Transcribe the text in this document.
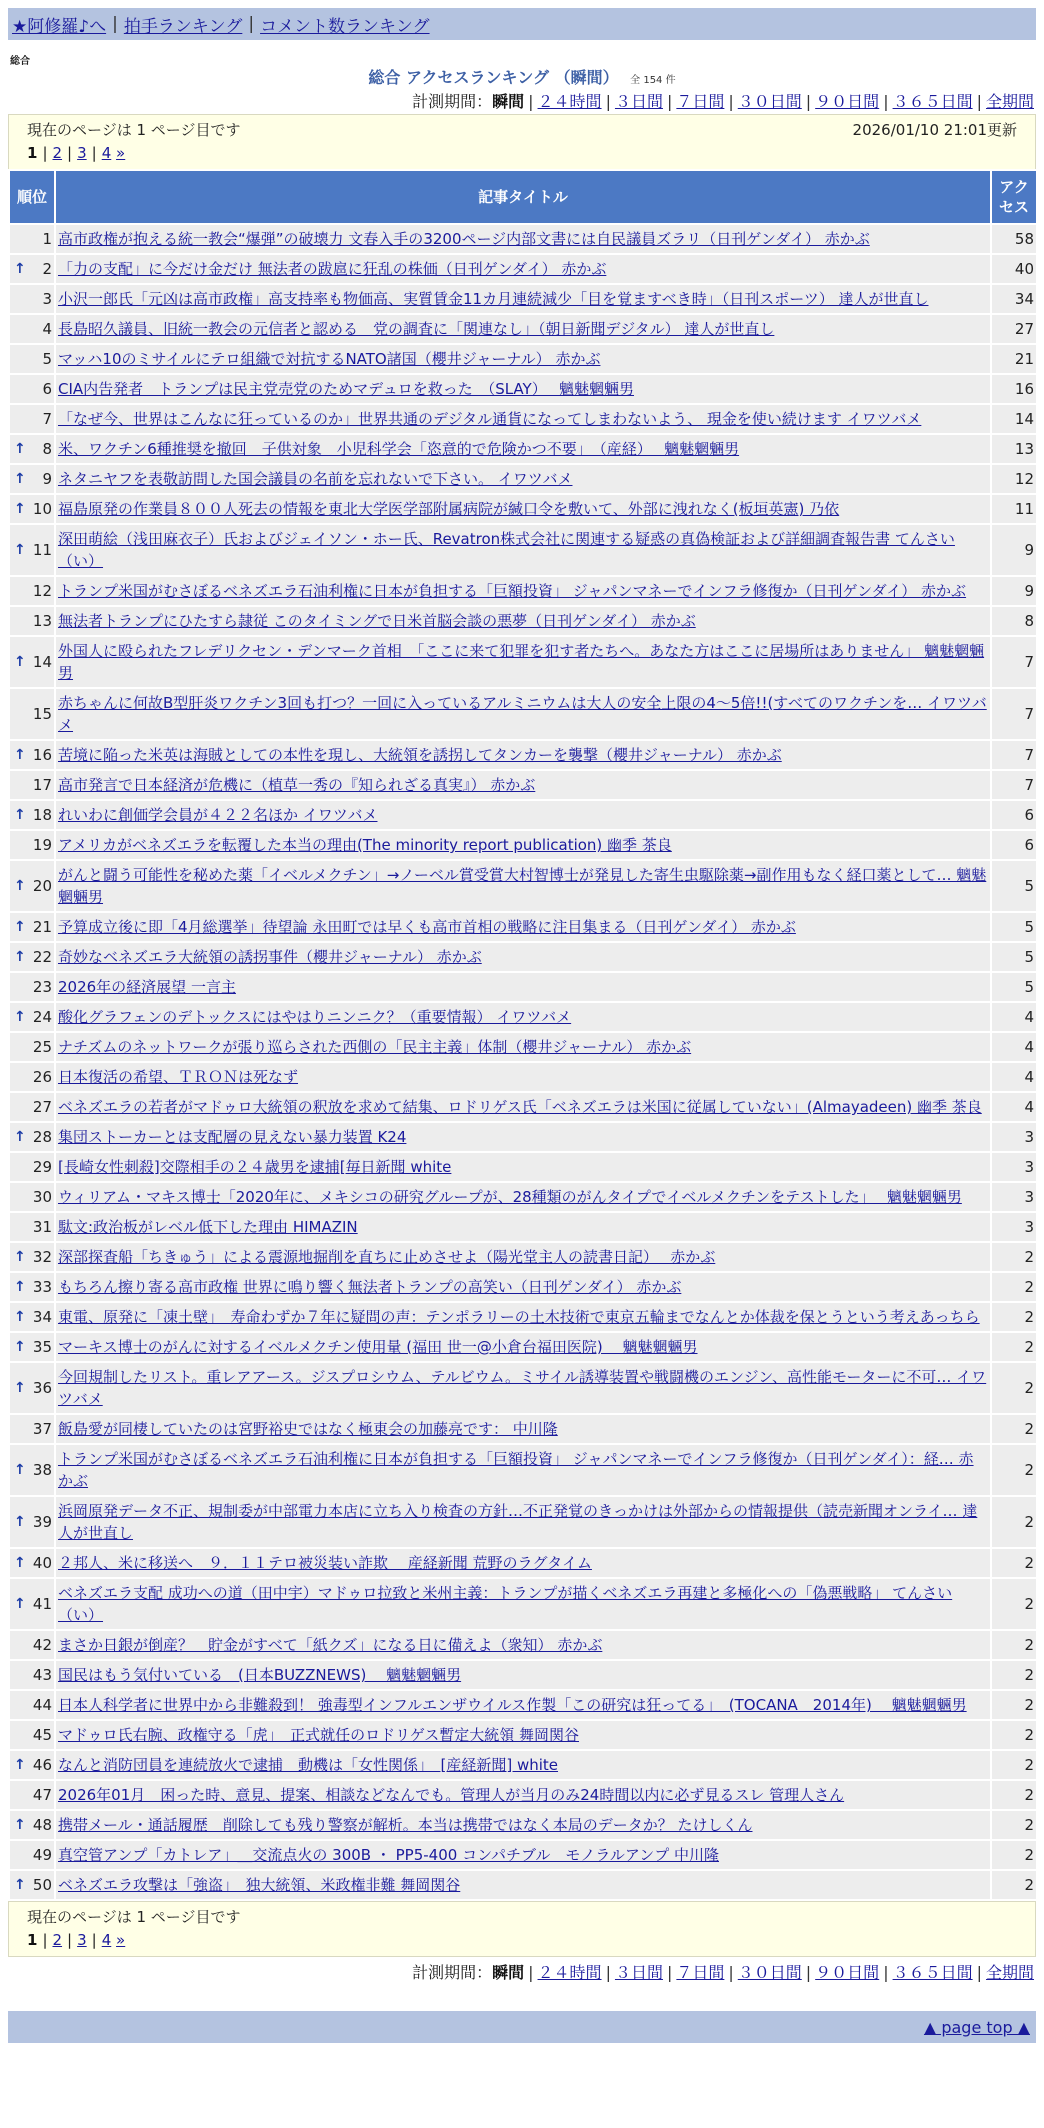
★阿修羅♪へ | 拍手ランキング | コメント数ランキング
総合
総合 アクセスランキング （瞬間） 全 154 件
計測期間：瞬間 | ２４時間 | ３日間 | ７日間 | ３０日間 | ９０日間 | ３６５日間 | 全期間
現在のページは 1 ページ目です	2026/01/10 21:01更新
1 | 2 | 3 | 4 »
順位	記事タイトル	アクセス
1	高市政権が抱える統一教会“爆弾”の破壊力 文春入手の3200ページ内部文書には自民議員ズラリ（日刊ゲンダイ） 赤かぶ	58

↑ 2	「力の支配」に今だけ金だけ 無法者の跋扈に狂乱の株価（日刊ゲンダイ） 赤かぶ	40
3	小沢一郎氏「元凶は高市政権」高支持率も物価高、実質賃金11カ月連続減少「目を覚ますべき時」（日刊スポーツ） 達人が世直し	34
4	長島昭久議員、旧統一教会の元信者と認める　党の調査に「関連なし」（朝日新聞デジタル） 達人が世直し	27
5	マッハ10のミサイルにテロ組織で対抗するNATO諸国（櫻井ジャーナル） 赤かぶ	21
6	CIA内告発者　トランプは民主党売党のためマデュロを救った　（SLAY）　 魑魅魍魎男	16
7	「なぜ今、世界はこんなに狂っているのか」世界共通のデジタル通貨になってしまわないよう、 現金を使い続けます イワツバメ	14

↑ 8	米、ワクチン6種推奨を撤回　子供対象　小児科学会「恣意的で危険かつ不要」　（産経）　 魑魅魍魎男	13

↑ 9	ネタニヤフを表敬訪問した国会議員の名前を忘れないで下さい。 イワツバメ	12

↑ 10	福島原発の作業員８００人死去の情報を東北大学医学部附属病院が緘口令を敷いて、外部に洩れなく(板垣英憲) 乃依	11

↑ 11	深田萌絵（浅田麻衣子）氏およびジェイソン・ホー氏、Revatron株式会社に関連する疑惑の真偽検証および詳細調査報告書 てんさい（い）	9
12	トランプ米国がむさぼるベネズエラ石油利権に日本が負担する「巨額投資」 ジャパンマネーでインフラ修復か（日刊ゲンダイ） 赤かぶ	9
13	無法者トランプにひたすら隷従 このタイミングで日米首脳会談の悪夢（日刊ゲンダイ） 赤かぶ	8

↑ 14	外国人に殴られたフレデリクセン・デンマーク首相　「ここに来て犯罪を犯す者たちへ。あなた方はここに居場所はありません」 魑魅魍魎男	7
15	赤ちゃんに何故B型肝炎ワクチン3回も打つ？一回に入っているアルミニウムは大人の安全上限の4～5倍!!(すべてのワクチンを… イワツバメ	7

↑ 16	苦境に陥った米英は海賊としての本性を現し、大統領を誘拐してタンカーを襲撃（櫻井ジャーナル） 赤かぶ	7
17	高市発言で日本経済が危機に（植草一秀の『知られざる真実』） 赤かぶ	7

↑ 18	れいわに創価学会員が４２２名ほか イワツバメ	6
19	アメリカがベネズエラを転覆した本当の理由(The minority report publication) 幽季 茶良	6

↑ 20	がんと闘う可能性を秘めた薬「イベルメクチン」→ノーベル賞受賞大村智博士が発見した寄生虫駆除薬→副作用もなく経口薬として… 魑魅魍魎男	5

↑ 21	予算成立後に即「4月総選挙」待望論 永田町では早くも高市首相の戦略に注目集まる（日刊ゲンダイ） 赤かぶ	5

↑ 22	奇妙なベネズエラ大統領の誘拐事件（櫻井ジャーナル） 赤かぶ	5
23	2026年の経済展望 一言主	5

↑ 24	酸化グラフェンのデトックスにはやはりニンニク？（重要情報） イワツバメ	4
25	ナチズムのネットワークが張り巡らされた西側の「民主主義」体制（櫻井ジャーナル） 赤かぶ	4
26	日本復活の希望、ＴＲＯＮは死なず	4
27	ベネズエラの若者がマドゥロ大統領の釈放を求めて結集、ロドリゲス氏「ベネズエラは米国に従属していない」(Almayadeen) 幽季 茶良	4

↑ 28	集団ストーカーとは支配層の見えない暴力装置 K24	3
29	[長崎女性刺殺]交際相手の２４歳男を逮捕[毎日新聞 white	3
30	ウィリアム・マキス博士「2020年に、メキシコの研究グループが、28種類のがんタイプでイベルメクチンをテストした」　 魑魅魍魎男	3
31	駄文:政治板がレベル低下した理由 HIMAZIN	3

↑ 32	深部探査船「ちきゅう」による震源地掘削を直ちに止めさせよ（陽光堂主人の読書日記）　 赤かぶ	2

↑ 33	もちろん擦り寄る高市政権 世界に鳴り響く無法者トランプの高笑い（日刊ゲンダイ） 赤かぶ	2

↑ 34	東電、原発に「凍土壁」　寿命わずか７年に疑問の声：テンポラリーの土木技術で東京五輪までなんとか体裁を保とうという考えあっちら	2

↑ 35	マーキス博士のがんに対するイベルメクチン使用量 (福田 世一@小倉台福田医院)　 魑魅魍魎男	2

↑ 36	今回規制したリスト。重レアアース。ジスプロシウム、テルビウム。ミサイル誘導装置や戦闘機のエンジン、高性能モーターに不可… イワツバメ	2
37	飯島愛が同棲していたのは宮野裕史ではなく極東会の加藤亮です： 中川隆	2

↑ 38	トランプ米国がむさぼるベネズエラ石油利権に日本が負担する「巨額投資」 ジャパンマネーでインフラ修復か（日刊ゲンダイ）：経… 赤かぶ	2

↑ 39	浜岡原発データ不正、規制委が中部電力本店に立ち入り検査の方針…不正発覚のきっかけは外部からの情報提供（読売新聞オンライ… 達人が世直し	2

↑ 40	２邦人、米に移送へ　９．１１テロ被災装い詐欺　 産経新聞 荒野のラグタイム	2

↑ 41	ベネズエラ支配 成功への道（田中宇）マドゥロ拉致と米州主義：トランプが描くベネズエラ再建と多極化への「偽悪戦略」 てんさい（い）	2
42	まさか日銀が倒産？　貯金がすべて「紙クズ」になる日に備えよ（衆知） 赤かぶ	2
43	国民はもう気付いている　(日本BUZZNEWS)　 魑魅魍魎男	2
44	日本人科学者に世界中から非難殺到！ 強毒型インフルエンザウイルス作製「この研究は狂ってる」　(TOCANA　2014年)　 魑魅魍魎男	2
45	マドゥロ氏右腕、政権守る「虎」　正式就任のロドリゲス暫定大統領 舞岡関谷	2

↑ 46	なんと消防団員を連続放火で逮捕　動機は「女性関係」　[産経新聞] white	2
47	2026年01月　困った時、意見、提案、相談などなんでも。管理人が当月のみ24時間以内に必ず見るスレ 管理人さん	2

↑ 48	携帯メール・通話履歴　削除しても残り警察が解析。本当は携帯ではなく本局のデータか？ たけしくん	2
49	真空管アンプ「カトレア」＿交流点火の 300B ・ PP5-400 コンパチブル　モノラルアンプ 中川隆	2

↑ 50	ベネズエラ攻撃は「強盗」　独大統領、米政権非難 舞岡関谷	2
現在のページは 1 ページ目です
1 | 2 | 3 | 4 »
計測期間：瞬間 | ２４時間 | ３日間 | ７日間 | ３０日間 | ９０日間 | ３６５日間 | 全期間
▲ page top ▲
